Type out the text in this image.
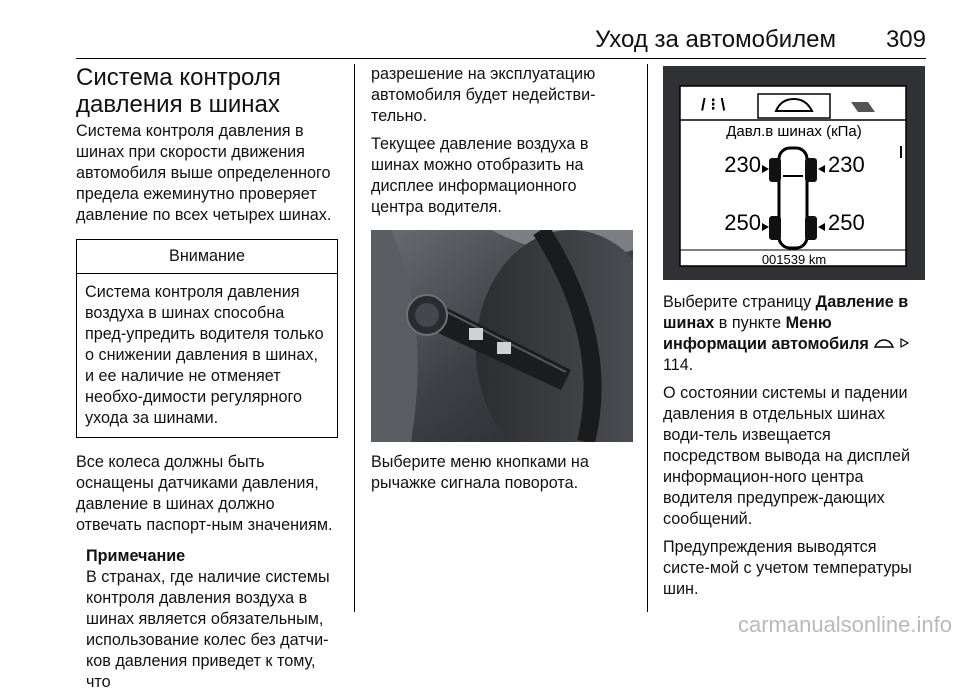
Уход за автомобилем 309
Система контроля
давления в шинах

Система контроля давления в шинах при скорости движения автомобиля выше определенного предела ежеминутно проверяет давление по всех четырех шинах.

Внимание
Система контроля давления воздуха в шинах способна пред-упредить водителя только о снижении давления в шинах, и ее наличие не отменяет необхо-димости регулярного ухода за шинами.

Все колеса должны быть оснащены датчиками давления, давление в шинах должно отвечать паспорт-ным значениям.

Примечание
В странах, где наличие системы контроля давления воздуха в шинах является обязательным, использование колес без датчи-ков давления приведет к тому, что

разрешение на эксплуатацию автомобиля будет недействи-тельно.

Текущее давление воздуха в шинах можно отобразить на дисплее информационного центра водителя.

Выберите меню кнопками на рычажке сигнала поворота.

/ ⁝ \
Давл.в шинах (кПа)
230	230
250	250
001539 km

Выберите страницу Давление в шинах в пункте Меню информации автомобиля   114.

О состоянии системы и падении давления в отдельных шинах води-тель извещается посредством вывода на дисплей информацион-ного центра водителя предупреж-дающих сообщений.

Предупреждения выводятся систе-мой с учетом температуры шин.

carmanualsonline.info
